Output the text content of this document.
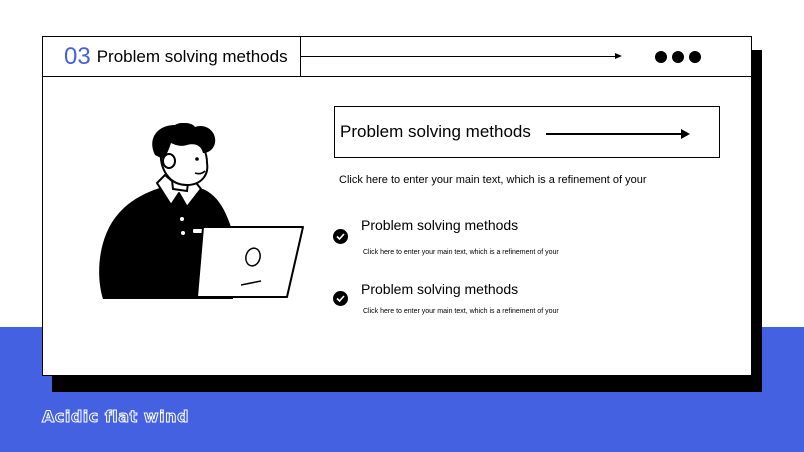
03 Problem solving methods
Problem solving methods
Click here to enter your main text, which is a refinement of your
Problem solving methods
Click here to enter your main text, which is a refinement of your
Problem solving methods
Click here to enter your main text, which is a refinement of your
Acidic flat wind
